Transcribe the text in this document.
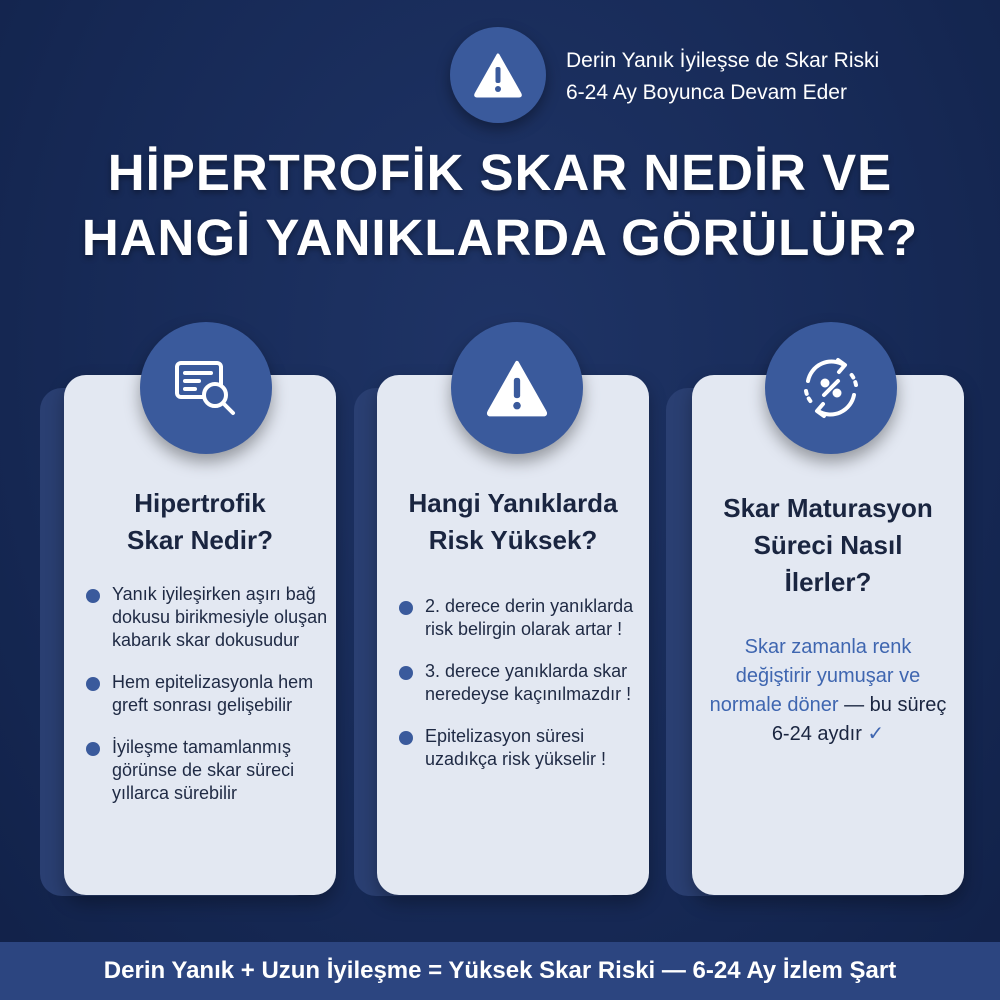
Derin Yanık İyileşse de Skar Riski
6-24 Ay Boyunca Devam Eder
HİPERTROFİK SKAR NEDİR VE
HANGİ YANIKLARDA GÖRÜLÜR?
Hipertrofik
Skar Nedir?
Yanık iyileşirken aşırı bağ dokusu birikmesiyle oluşan kabarık skar dokusudur
Hem epitelizasyonla hem greft sonrası gelişebilir
İyileşme tamamlanmış görünse de skar süreci yıllarca sürebilir
Hangi Yanıklarda
Risk Yüksek?
2. derece derin yanıklarda risk belirgin olarak artar !
3. derece yanıklarda skar neredeyse kaçınılmazdır !
Epitelizasyon süresi uzadıkça risk yükselir !
Skar Maturasyon
Süreci Nasıl
İlerler?
Skar zamanla renk değiştirir yumuşar ve normale döner — bu süreç 6-24 aydır ✓
Derin Yanık + Uzun İyileşme = Yüksek Skar Riski — 6-24 Ay İzlem Şart
